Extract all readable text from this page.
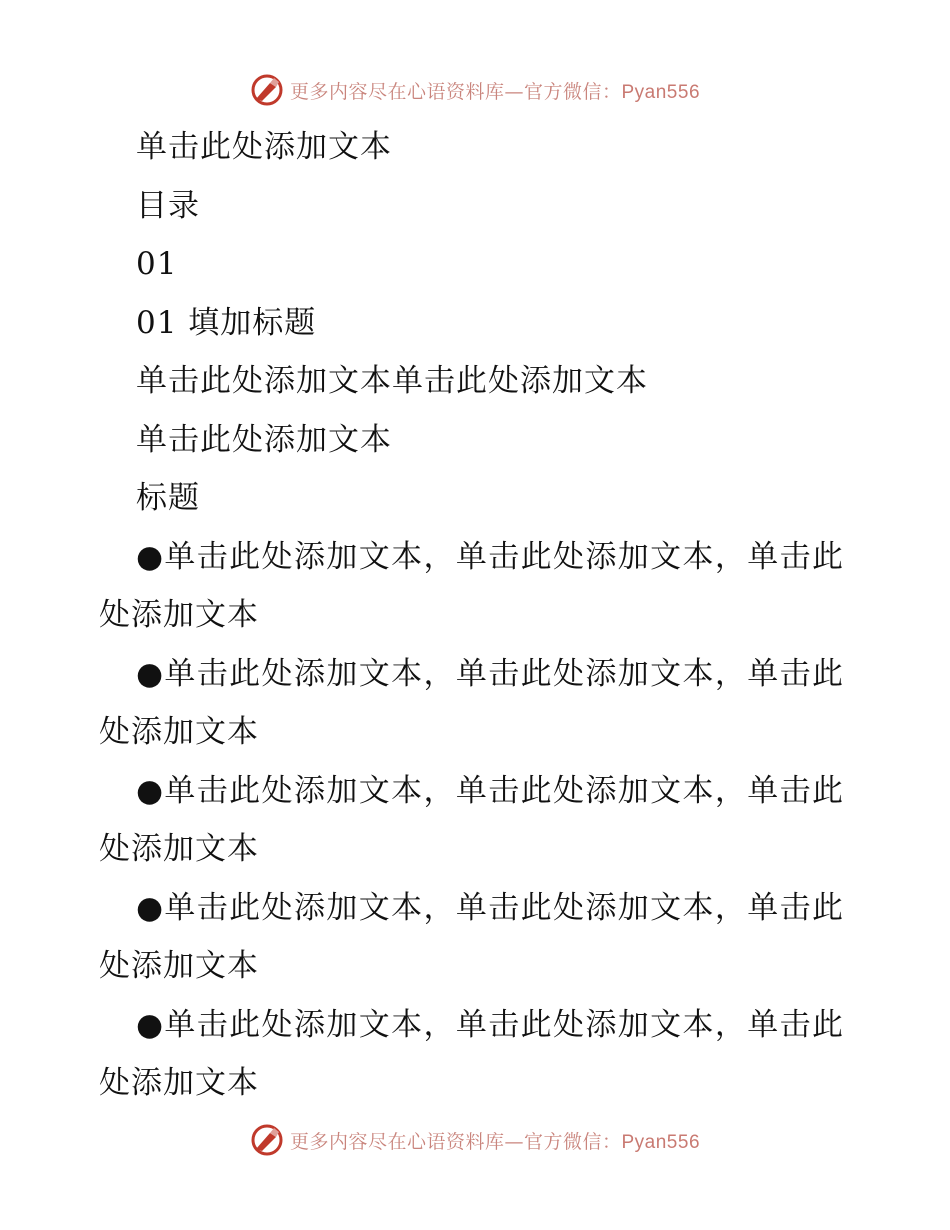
更多内容尽在心语资料库—官方微信：Pyan556
单击此处添加文本
目录
01
01 填加标题
单击此处添加文本单击此处添加文本
单击此处添加文本
标题

●单击此处添加文本，单击此处添加文本，单击此处添加文本

●单击此处添加文本，单击此处添加文本，单击此处添加文本

●单击此处添加文本，单击此处添加文本，单击此处添加文本

●单击此处添加文本，单击此处添加文本，单击此处添加文本

●单击此处添加文本，单击此处添加文本，单击此处添加文本

更多内容尽在心语资料库—官方微信：Pyan556
